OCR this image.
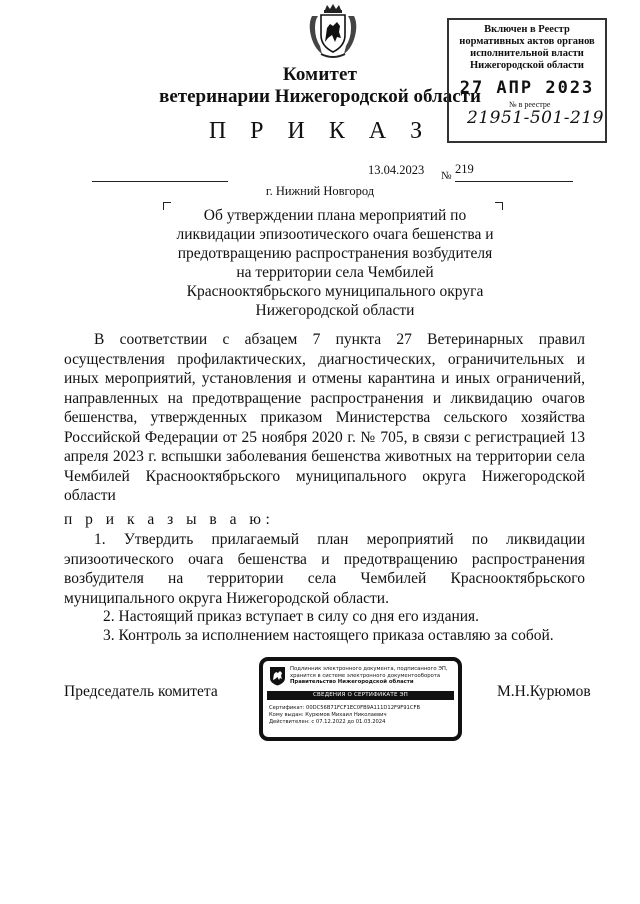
Комитет
ветеринарии Нижегородской области
П Р И К А З
Включен в Реестр
нормативных актов органов
исполнительной власти
Нижегородской области
27 АПР 2023
№ в реестре
21951-501-219
13.04.2023 № 219
г. Нижний Новгород
Об утверждении плана мероприятий по
ликвидации эпизоотического очага бешенства и
предотвращению распространения возбудителя
на территории села Чембилей
Краснооктябрьского муниципального округа
Нижегородской области
В соответствии с абзацем 7 пункта 27 Ветеринарных правил осуществления профилактических, диагностических, ограничительных и иных мероприятий, установления и отмены карантина и иных ограничений, направленных на предотвращение распространения и ликвидацию очагов бешенства, утвержденных приказом Министерства сельского хозяйства Российской Федерации от 25 ноября 2020 г. № 705, в связи с регистрацией 13 апреля 2023 г. вспышки заболевания бешенства животных на территории села Чембилей Краснооктябрьского муниципального округа Нижегородской области
п р и к а з ы в а ю:
1. Утвердить прилагаемый план мероприятий по ликвидации эпизоотического очага бешенства и предотвращению распространения возбудителя на территории села Чембилей Краснооктябрьского муниципального округа Нижегородской области.
2. Настоящий приказ вступает в силу со дня его издания.
3. Контроль за исполнением настоящего приказа оставляю за собой.
Председатель комитета	М.Н.Курюмов
Подлинник электронного документа, подписанного ЭП, хранится в системе электронного документооборота
Правительство Нижегородской области
СВЕДЕНИЯ О СЕРТИФИКАТЕ ЭП
Сертификат: 00DC56B71FCF1EC0FB9A111D12F9F91CFB
Кому выдан: Курюмов Михаил Николаевич
Действителен: с 07.12.2022 до 01.03.2024
